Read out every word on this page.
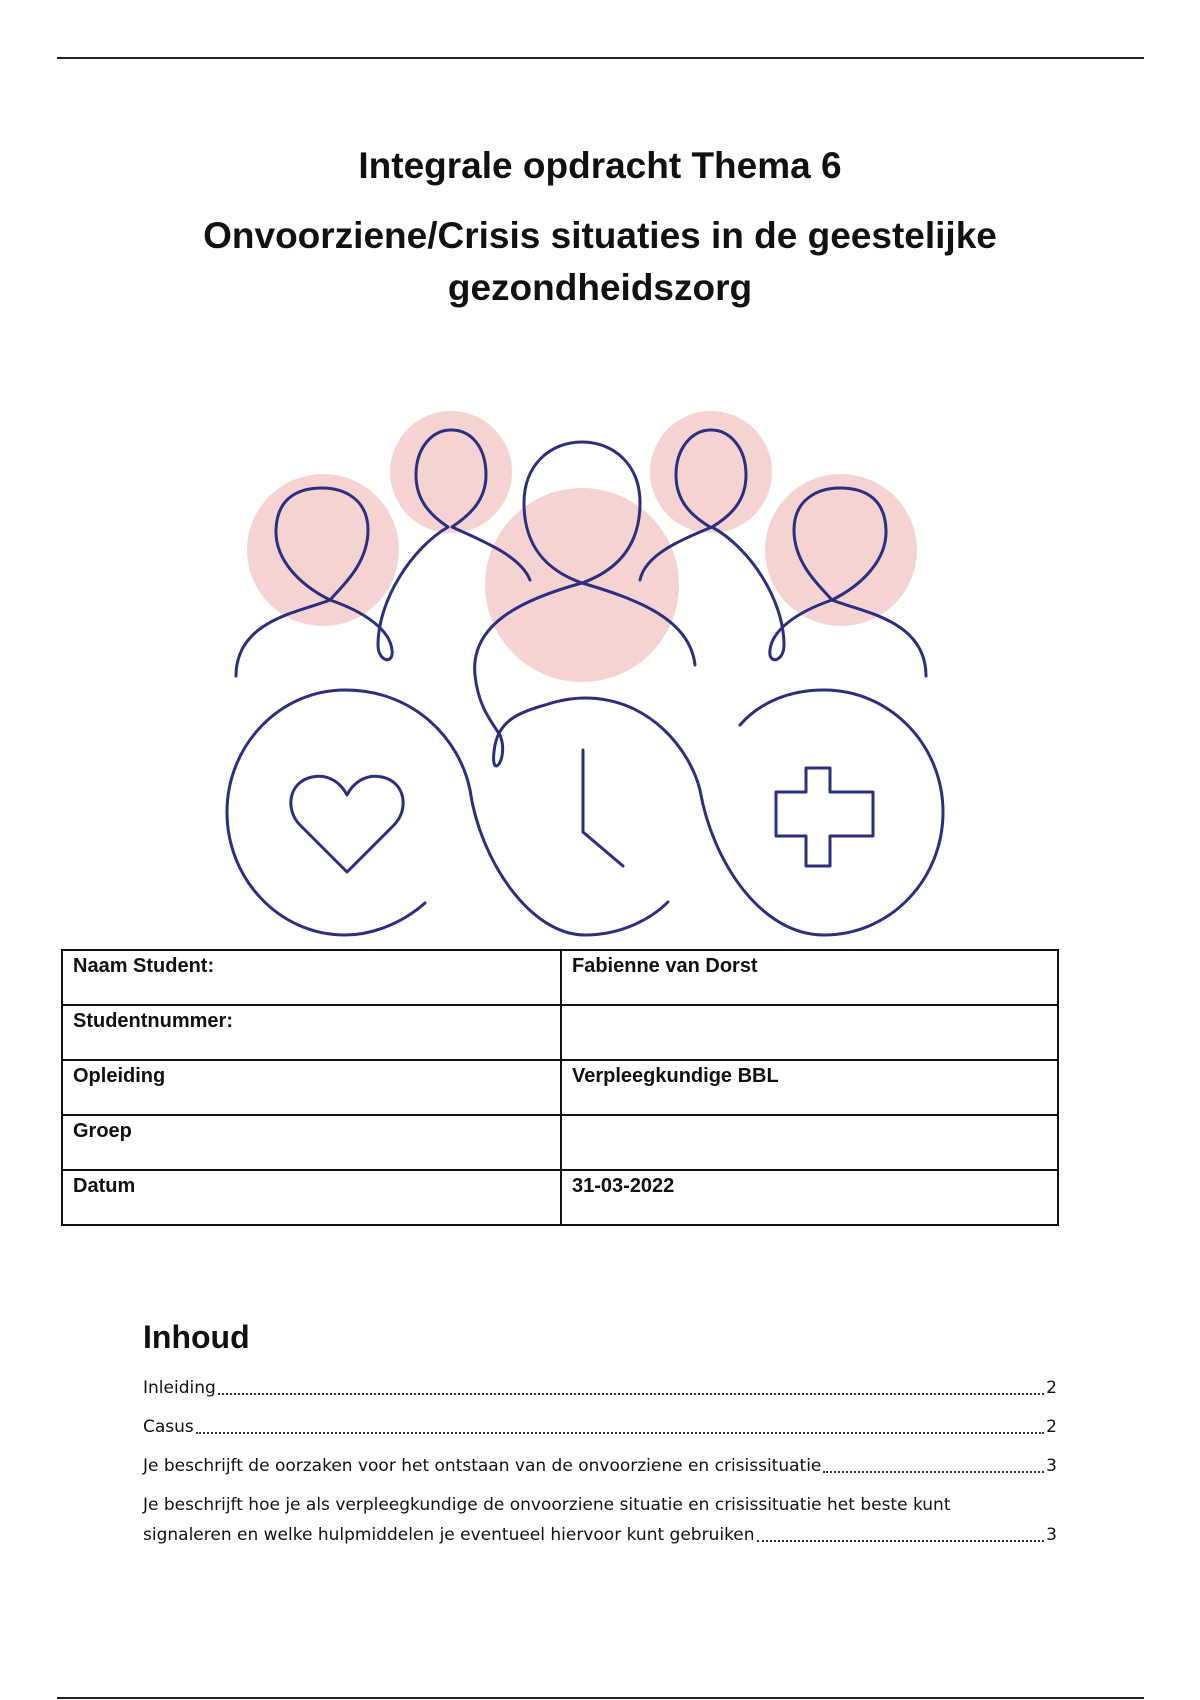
Integrale opdracht Thema 6
Onvoorziene/Crisis situaties in de geestelijke gezondheidszorg
Naam Student:	Fabienne van Dorst
Studentnummer:	
Opleiding	Verpleegkundige BBL
Groep	
Datum	31-03-2022
Inhoud
Inleiding	2
Casus	2
Je beschrijft de oorzaken voor het ontstaan van de onvoorziene en crisissituatie	3
Je beschrijft hoe je als verpleegkundige de onvoorziene situatie en crisissituatie het beste kunt
signaleren en welke hulpmiddelen je eventueel hiervoor kunt gebruiken	3
